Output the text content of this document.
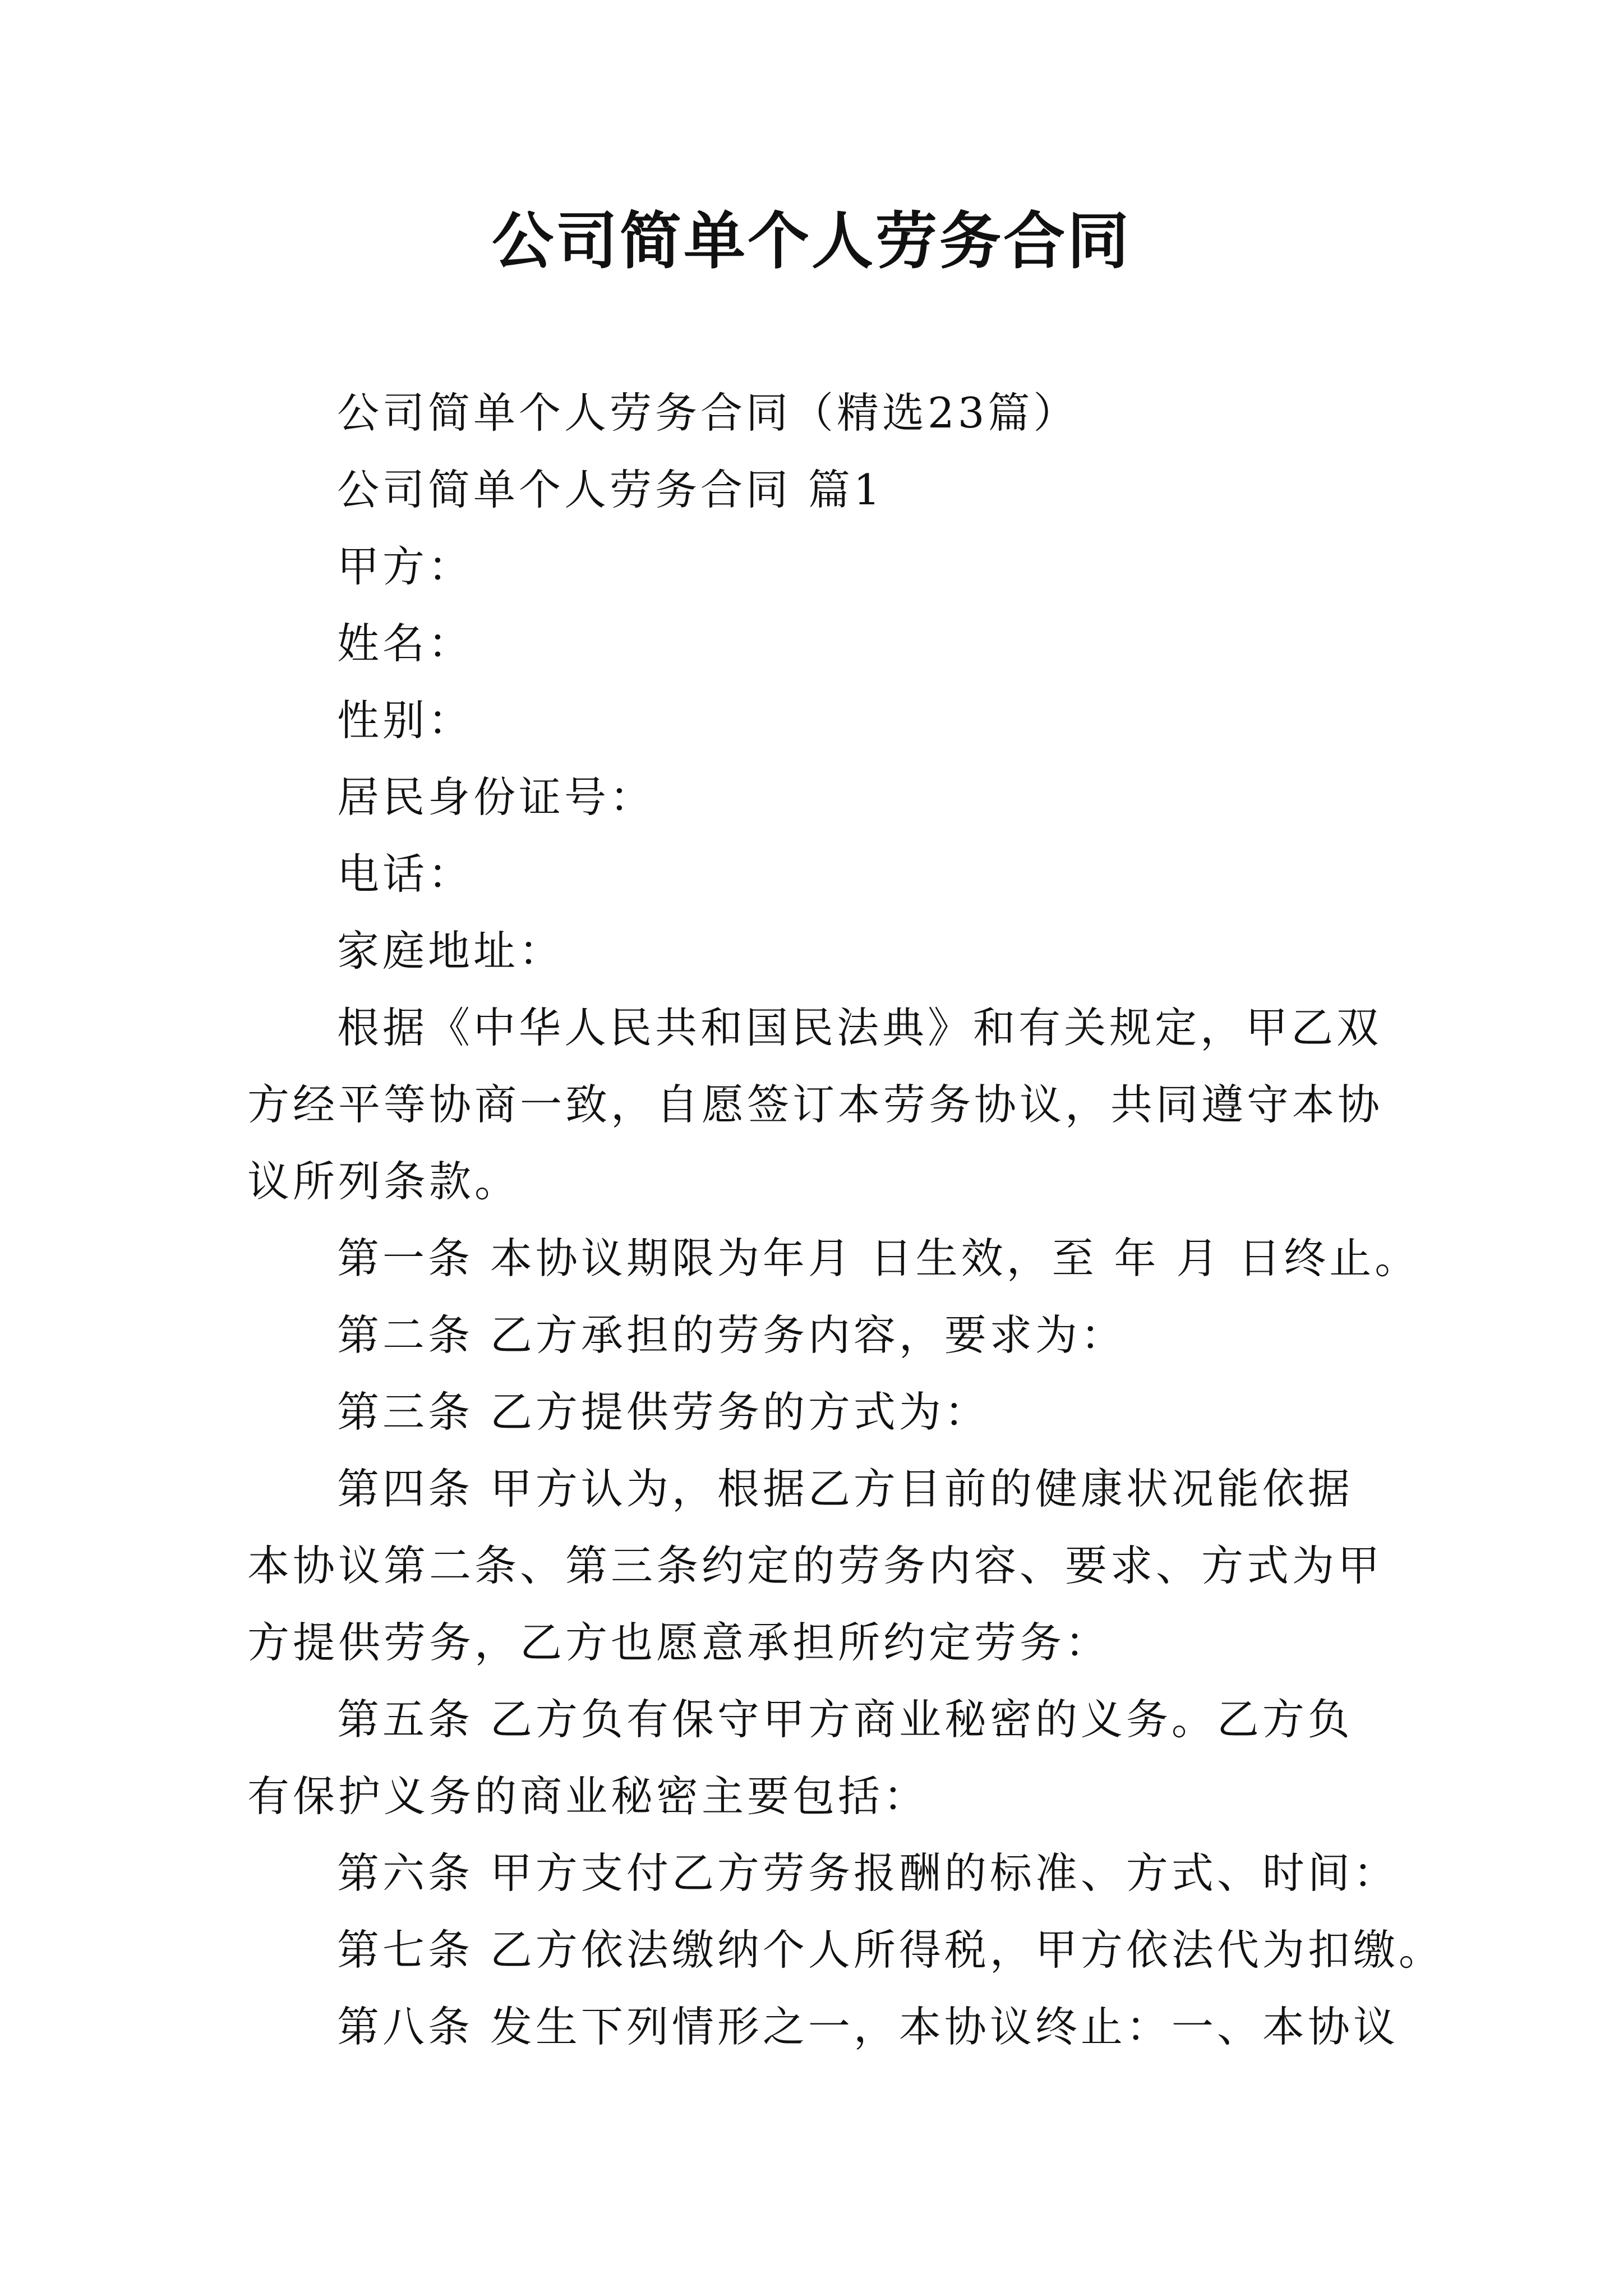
公司简单个人劳务合同

公司简单个人劳务合同（精选23篇）

公司简单个人劳务合同 篇1

甲方：

姓名：

性别：

居民身份证号：

电话：

家庭地址：

根据《中华人民共和国民法典》和有关规定，甲乙双方经平等协商一致，自愿签订本劳务协议，共同遵守本协议所列条款。

第一条 本协议期限为年月 日生效，至 年 月 日终止。

第二条 乙方承担的劳务内容，要求为：

第三条 乙方提供劳务的方式为：

第四条 甲方认为，根据乙方目前的健康状况能依据本协议第二条、第三条约定的劳务内容、要求、方式为甲方提供劳务，乙方也愿意承担所约定劳务：

第五条 乙方负有保守甲方商业秘密的义务。乙方负有保护义务的商业秘密主要包括：

第六条 甲方支付乙方劳务报酬的标准、方式、时间：

第七条 乙方依法缴纳个人所得税，甲方依法代为扣缴。

第八条 发生下列情形之一，本协议终止：一、本协议
